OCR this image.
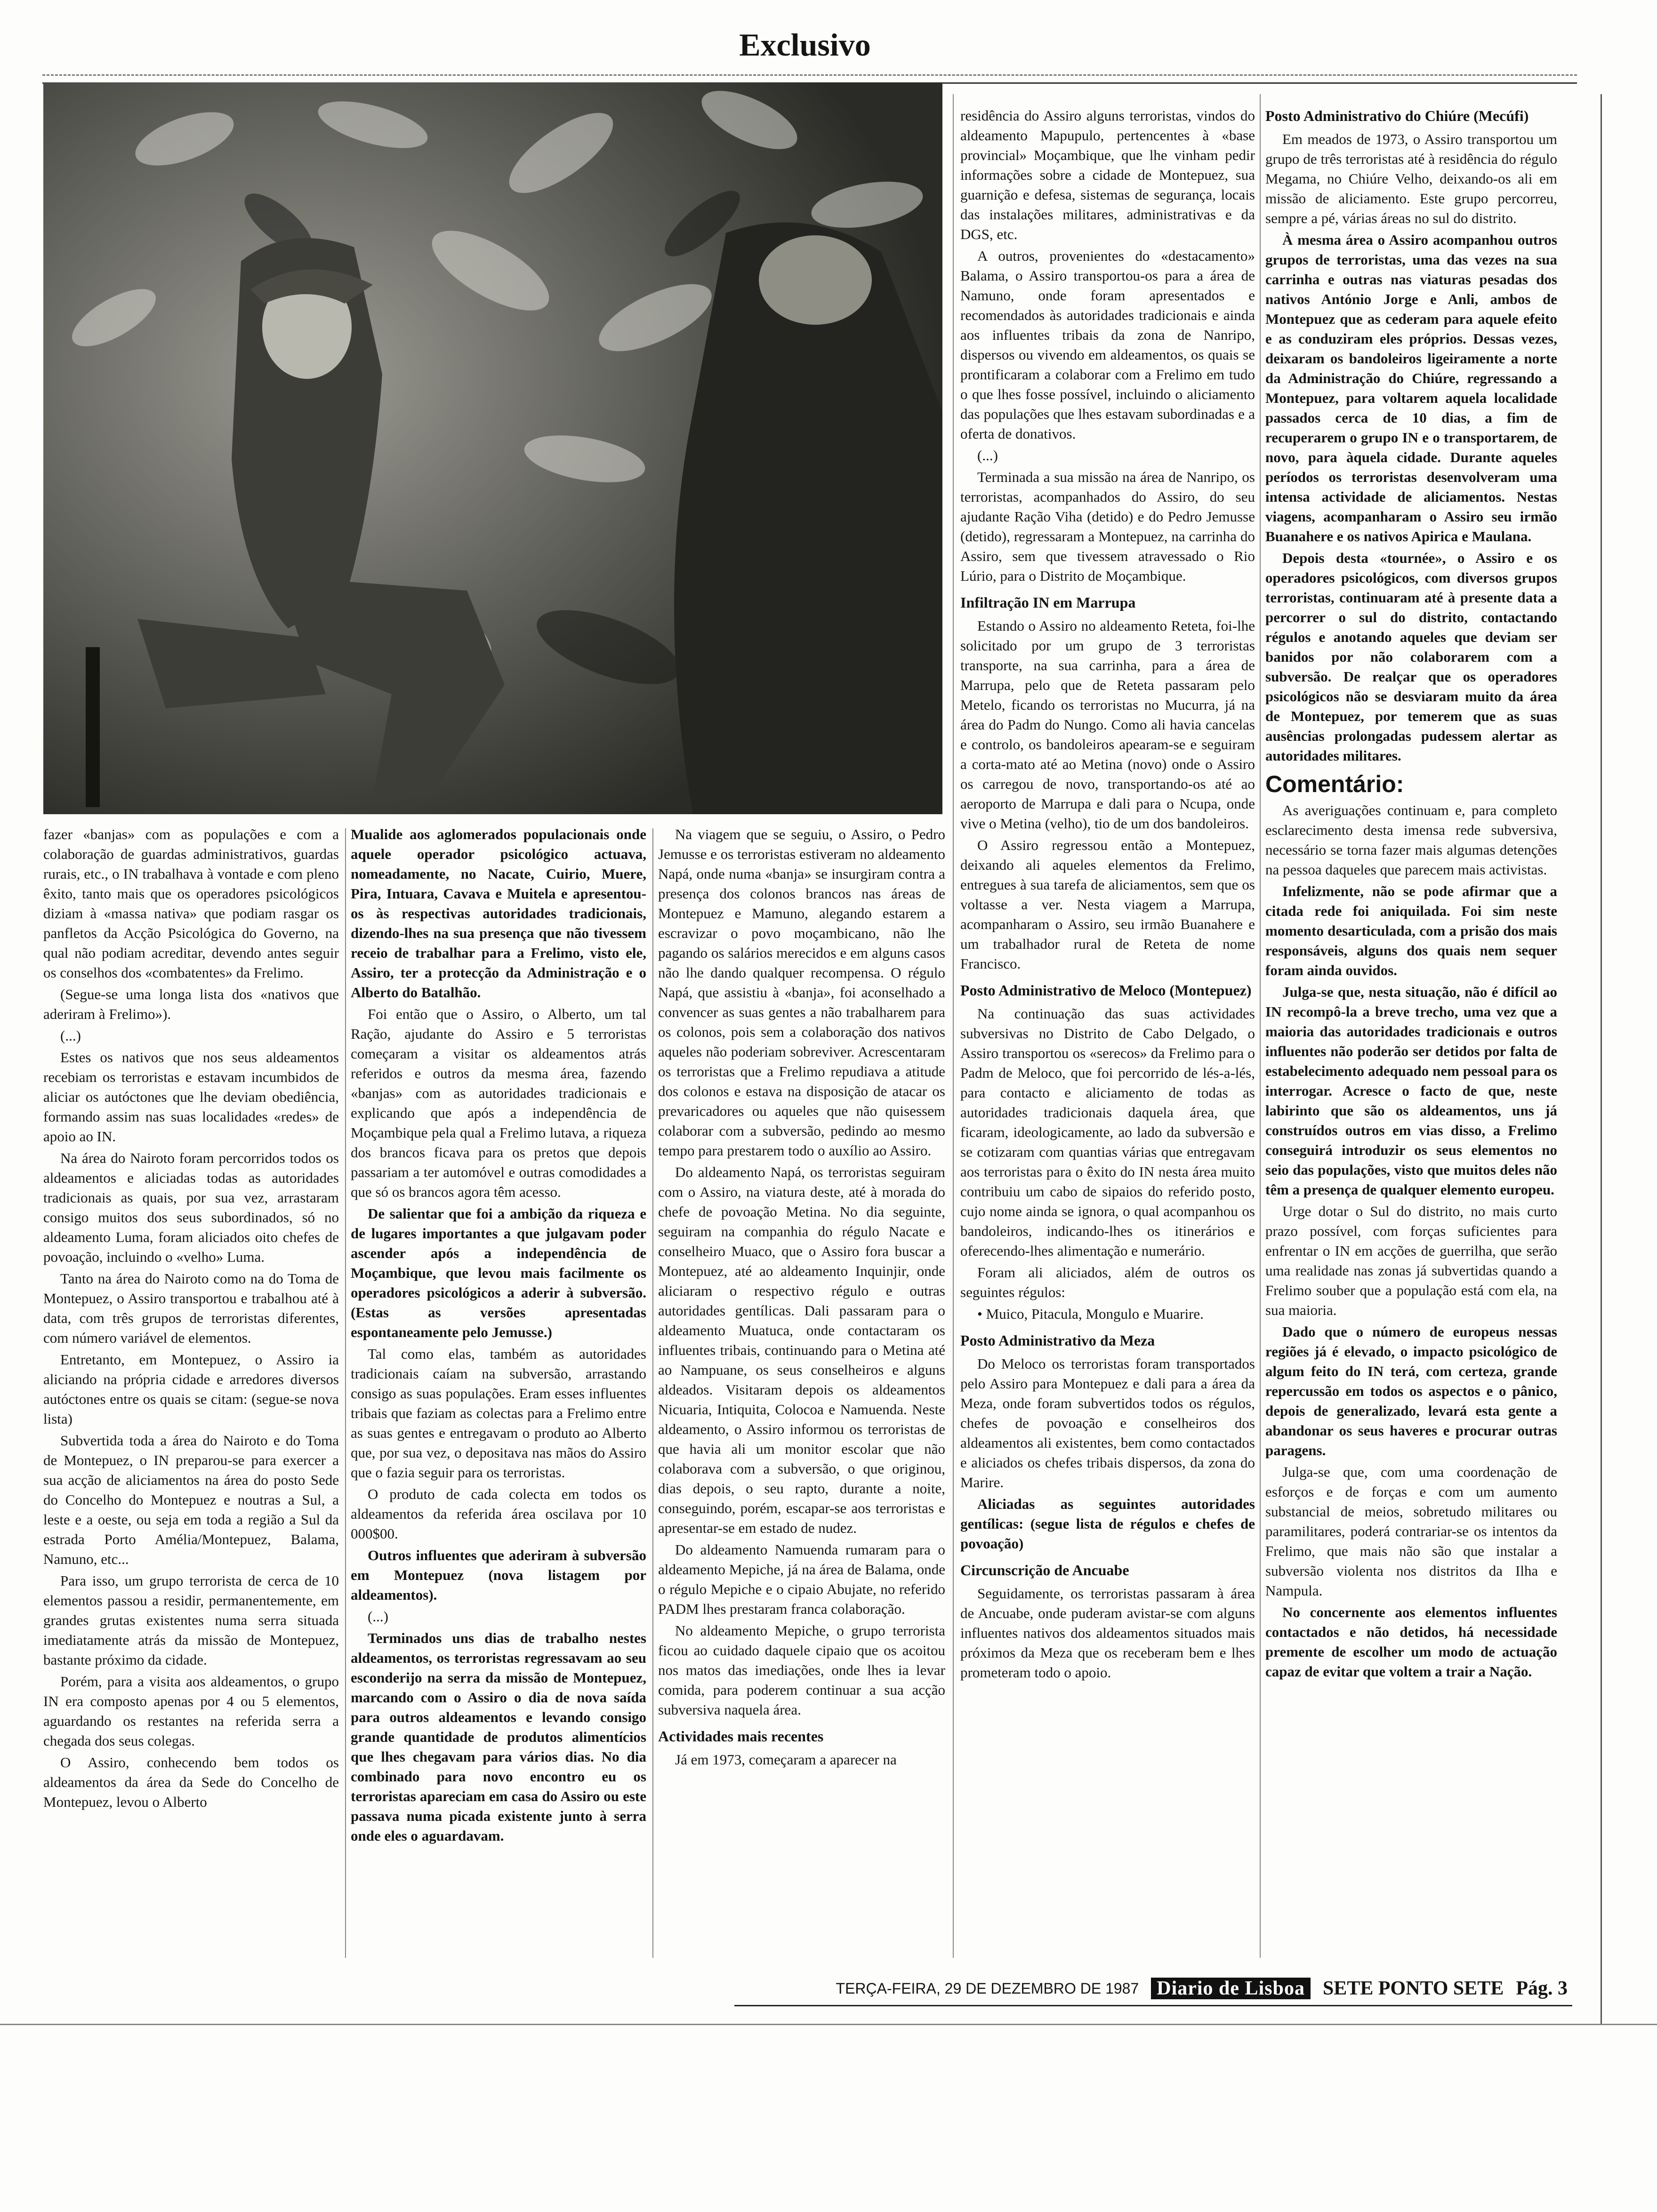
Exclusivo

fazer «banjas» com as populações e com a colaboração de guardas administrativos, guardas rurais, etc., o IN trabalhava à vontade e com pleno êxito, tanto mais que os operadores psicológicos diziam à «massa nativa» que podiam rasgar os panfletos da Acção Psicológica do Governo, na qual não podiam acreditar, devendo antes seguir os conselhos dos «combatentes» da Frelimo.

(Segue-se uma longa lista dos «nativos que aderiram à Frelimo»).

(...)

Estes os nativos que nos seus aldeamentos recebiam os terroristas e estavam incumbidos de aliciar os autóctones que lhe deviam obediência, formando assim nas suas localidades «redes» de apoio ao IN.

Na área do Nairoto foram percorridos todos os aldeamentos e aliciadas todas as autoridades tradicionais as quais, por sua vez, arrastaram consigo muitos dos seus subordinados, só no aldeamento Luma, foram aliciados oito chefes de povoação, incluindo o «velho» Luma.

Tanto na área do Nairoto como na do Toma de Montepuez, o Assiro transportou e trabalhou até à data, com três grupos de terroristas diferentes, com número variável de elementos.

Entretanto, em Montepuez, o Assiro ia aliciando na própria cidade e arredores diversos autóctones entre os quais se citam: (segue-se nova lista)

Subvertida toda a área do Nairoto e do Toma de Montepuez, o IN preparou-se para exercer a sua acção de aliciamentos na área do posto Sede do Concelho do Montepuez e noutras a Sul, a leste e a oeste, ou seja em toda a região a Sul da estrada Porto Amélia/Montepuez, Balama, Namuno, etc...

Para isso, um grupo terrorista de cerca de 10 elementos passou a residir, permanentemente, em grandes grutas existentes numa serra situada imediatamente atrás da missão de Montepuez, bastante próximo da cidade.

Porém, para a visita aos aldeamentos, o grupo IN era composto apenas por 4 ou 5 elementos, aguardando os restantes na referida serra a chegada dos seus colegas.

O Assiro, conhecendo bem todos os aldeamentos da área da Sede do Concelho de Montepuez, levou o Alberto

Mualide aos aglomerados populacionais onde aquele operador psicológico actuava, nomeadamente, no Nacate, Cuirio, Muere, Pira, Intuara, Cavava e Muitela e apresentou-os às respectivas autoridades tradicionais, dizendo-lhes na sua presença que não tivessem receio de trabalhar para a Frelimo, visto ele, Assiro, ter a protecção da Administração e o Alberto do Batalhão.

Foi então que o Assiro, o Alberto, um tal Ração, ajudante do Assiro e 5 terroristas começaram a visitar os aldeamentos atrás referidos e outros da mesma área, fazendo «banjas» com as autoridades tradicionais e explicando que após a independência de Moçambique pela qual a Frelimo lutava, a riqueza dos brancos ficava para os pretos que depois passariam a ter automóvel e outras comodidades a que só os brancos agora têm acesso.

De salientar que foi a ambição da riqueza e de lugares importantes a que julgavam poder ascender após a independência de Moçambique, que levou mais facilmente os operadores psicológicos a aderir à subversão. (Estas as versões apresentadas espontaneamente pelo Jemusse.)

Tal como elas, também as autoridades tradicionais caíam na subversão, arrastando consigo as suas populações. Eram esses influentes tribais que faziam as colectas para a Frelimo entre as suas gentes e entregavam o produto ao Alberto que, por sua vez, o depositava nas mãos do Assiro que o fazia seguir para os terroristas.

O produto de cada colecta em todos os aldeamentos da referida área oscilava por 10 000$00.

Outros influentes que aderiram à subversão em Montepuez (nova listagem por aldeamentos).

(...)

Terminados uns dias de trabalho nestes aldeamentos, os terroristas regressavam ao seu esconderijo na serra da missão de Montepuez, marcando com o Assiro o dia de nova saída para outros aldeamentos e levando consigo grande quantidade de produtos alimentícios que lhes chegavam para vários dias. No dia combinado para novo encontro eu os terroristas apareciam em casa do Assiro ou este passava numa picada existente junto à serra onde eles o aguardavam.

Na viagem que se seguiu, o Assiro, o Pedro Jemusse e os terroristas estiveram no aldeamento Napá, onde numa «banja» se insurgiram contra a presença dos colonos brancos nas áreas de Montepuez e Mamuno, alegando estarem a escravizar o povo moçambicano, não lhe pagando os salários merecidos e em alguns casos não lhe dando qualquer recompensa. O régulo Napá, que assistiu à «banja», foi aconselhado a convencer as suas gentes a não trabalharem para os colonos, pois sem a colaboração dos nativos aqueles não poderiam sobreviver. Acrescentaram os terroristas que a Frelimo repudiava a atitude dos colonos e estava na disposição de atacar os prevaricadores ou aqueles que não quisessem colaborar com a subversão, pedindo ao mesmo tempo para prestarem todo o auxílio ao Assiro.

Do aldeamento Napá, os terroristas seguiram com o Assiro, na viatura deste, até à morada do chefe de povoação Metina. No dia seguinte, seguiram na companhia do régulo Nacate e conselheiro Muaco, que o Assiro fora buscar a Montepuez, até ao aldeamento Inquinjir, onde aliciaram o respectivo régulo e outras autoridades gentílicas. Dali passaram para o aldeamento Muatuca, onde contactaram os influentes tribais, continuando para o Metina até ao Nampuane, os seus conselheiros e alguns aldeados. Visitaram depois os aldeamentos Nicuaria, Intiquita, Colocoa e Namuenda. Neste aldeamento, o Assiro informou os terroristas de que havia ali um monitor escolar que não colaborava com a subversão, o que originou, dias depois, o seu rapto, durante a noite, conseguindo, porém, escapar-se aos terroristas e apresentar-se em estado de nudez.

Do aldeamento Namuenda rumaram para o aldeamento Mepiche, já na área de Balama, onde o régulo Mepiche e o cipaio Abujate, no referido PADM lhes prestaram franca colaboração.

No aldeamento Mepiche, o grupo terrorista ficou ao cuidado daquele cipaio que os acoitou nos matos das imediações, onde lhes ia levar comida, para poderem continuar a sua acção subversiva naquela área.

Actividades mais recentes

Já em 1973, começaram a aparecer na

residência do Assiro alguns terroristas, vindos do aldeamento Mapupulo, pertencentes à «base provincial» Moçambique, que lhe vinham pedir informações sobre a cidade de Montepuez, sua guarnição e defesa, sistemas de segurança, locais das instalações militares, administrativas e da DGS, etc.

A outros, provenientes do «destacamento» Balama, o Assiro transportou-os para a área de Namuno, onde foram apresentados e recomendados às autoridades tradicionais e ainda aos influentes tribais da zona de Nanripo, dispersos ou vivendo em aldeamentos, os quais se prontificaram a colaborar com a Frelimo em tudo o que lhes fosse possível, incluindo o aliciamento das populações que lhes estavam subordinadas e a oferta de donativos.

(...)

Terminada a sua missão na área de Nanripo, os terroristas, acompanhados do Assiro, do seu ajudante Ração Viha (detido) e do Pedro Jemusse (detido), regressaram a Montepuez, na carrinha do Assiro, sem que tivessem atravessado o Rio Lúrio, para o Distrito de Moçambique.

Infiltração IN em Marrupa

Estando o Assiro no aldeamento Reteta, foi-lhe solicitado por um grupo de 3 terroristas transporte, na sua carrinha, para a área de Marrupa, pelo que de Reteta passaram pelo Metelo, ficando os terroristas no Mucurra, já na área do Padm do Nungo. Como ali havia cancelas e controlo, os bandoleiros apearam-se e seguiram a corta-mato até ao Metina (novo) onde o Assiro os carregou de novo, transportando-os até ao aeroporto de Marrupa e dali para o Ncupa, onde vive o Metina (velho), tio de um dos bandoleiros.

O Assiro regressou então a Montepuez, deixando ali aqueles elementos da Frelimo, entregues à sua tarefa de aliciamentos, sem que os voltasse a ver. Nesta viagem a Marrupa, acompanharam o Assiro, seu irmão Buanahere e um trabalhador rural de Reteta de nome Francisco.

Posto Administrativo de Meloco (Montepuez)

Na continuação das suas actividades subversivas no Distrito de Cabo Delgado, o Assiro transportou os «serecos» da Frelimo para o Padm de Meloco, que foi percorrido de lés-a-lés, para contacto e aliciamento de todas as autoridades tradicionais daquela área, que ficaram, ideologicamente, ao lado da subversão e se cotizaram com quantias várias que entregavam aos terroristas para o êxito do IN nesta área muito contribuiu um cabo de sipaios do referido posto, cujo nome ainda se ignora, o qual acompanhou os bandoleiros, indicando-lhes os itinerários e oferecendo-lhes alimentação e numerário.

Foram ali aliciados, além de outros os seguintes régulos:

• Muico, Pitacula, Mongulo e Muarire.

Posto Administrativo da Meza

Do Meloco os terroristas foram transportados pelo Assiro para Montepuez e dali para a área da Meza, onde foram subvertidos todos os régulos, chefes de povoação e conselheiros dos aldeamentos ali existentes, bem como contactados e aliciados os chefes tribais dispersos, da zona do Marire.

Aliciadas as seguintes autoridades gentílicas: (segue lista de régulos e chefes de povoação)

Circunscrição de Ancuabe

Seguidamente, os terroristas passaram à área de Ancuabe, onde puderam avistar-se com alguns influentes nativos dos aldeamentos situados mais próximos da Meza que os receberam bem e lhes prometeram todo o apoio.

Posto Administrativo do Chiúre (Mecúfi)

Em meados de 1973, o Assiro transportou um grupo de três terroristas até à residência do régulo Megama, no Chiúre Velho, deixando-os ali em missão de aliciamento. Este grupo percorreu, sempre a pé, várias áreas no sul do distrito.

À mesma área o Assiro acompanhou outros grupos de terroristas, uma das vezes na sua carrinha e outras nas viaturas pesadas dos nativos António Jorge e Anli, ambos de Montepuez que as cederam para aquele efeito e as conduziram eles próprios. Dessas vezes, deixaram os bandoleiros ligeiramente a norte da Administração do Chiúre, regressando a Montepuez, para voltarem aquela localidade passados cerca de 10 dias, a fim de recuperarem o grupo IN e o transportarem, de novo, para àquela cidade. Durante aqueles períodos os terroristas desenvolveram uma intensa actividade de aliciamentos. Nestas viagens, acompanharam o Assiro seu irmão Buanahere e os nativos Apirica e Maulana.

Depois desta «tournée», o Assiro e os operadores psicológicos, com diversos grupos terroristas, continuaram até à presente data a percorrer o sul do distrito, contactando régulos e anotando aqueles que deviam ser banidos por não colaborarem com a subversão. De realçar que os operadores psicológicos não se desviaram muito da área de Montepuez, por temerem que as suas ausências prolongadas pudessem alertar as autoridades militares.

Comentário:

As averiguações continuam e, para completo esclarecimento desta imensa rede subversiva, necessário se torna fazer mais algumas detenções na pessoa daqueles que parecem mais activistas.

Infelizmente, não se pode afirmar que a citada rede foi aniquilada. Foi sim neste momento desarticulada, com a prisão dos mais responsáveis, alguns dos quais nem sequer foram ainda ouvidos.

Julga-se que, nesta situação, não é difícil ao IN recompô-la a breve trecho, uma vez que a maioria das autoridades tradicionais e outros influentes não poderão ser detidos por falta de estabelecimento adequado nem pessoal para os interrogar. Acresce o facto de que, neste labirinto que são os aldeamentos, uns já construídos outros em vias disso, a Frelimo conseguirá introduzir os seus elementos no seio das populações, visto que muitos deles não têm a presença de qualquer elemento europeu.

Urge dotar o Sul do distrito, no mais curto prazo possível, com forças suficientes para enfrentar o IN em acções de guerrilha, que serão uma realidade nas zonas já subvertidas quando a Frelimo souber que a população está com ela, na sua maioria.

Dado que o número de europeus nessas regiões já é elevado, o impacto psicológico de algum feito do IN terá, com certeza, grande repercussão em todos os aspectos e o pânico, depois de generalizado, levará esta gente a abandonar os seus haveres e procurar outras paragens.

Julga-se que, com uma coordenação de esforços e de forças e com um aumento substancial de meios, sobretudo militares ou paramilitares, poderá contrariar-se os intentos da Frelimo, que mais não são que instalar a subversão violenta nos distritos da Ilha e Nampula.

No concernente aos elementos influentes contactados e não detidos, há necessidade premente de escolher um modo de actuação capaz de evitar que voltem a trair a Nação.

TERÇA-FEIRA, 29 DE DEZEMBRO DE 1987 Diario de Lisboa SETE PONTO SETE Pág. 3
